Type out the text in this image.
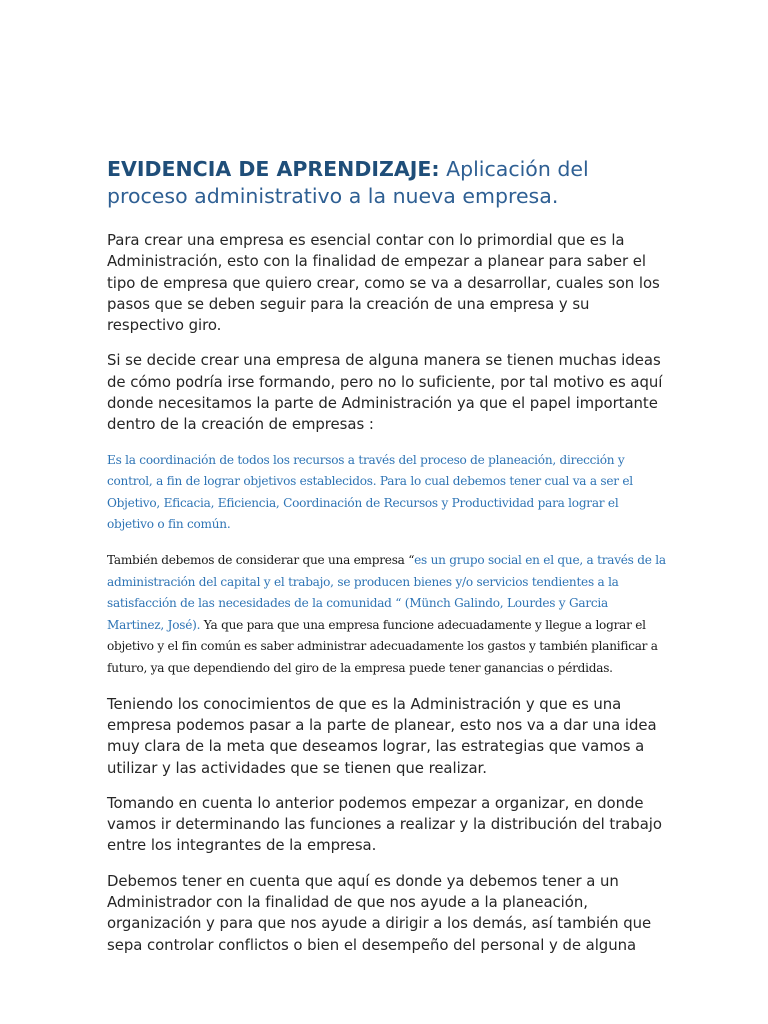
EVIDENCIA DE APRENDIZAJE: Aplicación del proceso administrativo a la nueva empresa.

Para crear una empresa es esencial contar con lo primordial que es la Administración, esto con la finalidad de empezar a planear para saber el tipo de empresa que quiero crear, como se va a desarrollar, cuales son los pasos que se deben seguir para la creación de una empresa y su respectivo giro.

Si se decide crear una empresa de alguna manera se tienen muchas ideas de cómo podría irse formando, pero no lo suficiente, por tal motivo es aquí donde necesitamos la parte de Administración ya que el papel importante dentro de la creación de empresas :

Es la coordinación de todos los recursos a través del proceso de planeación, dirección y control, a fin de lograr objetivos establecidos. Para lo cual debemos tener cual va a ser el Objetivo, Eficacia, Eficiencia, Coordinación de Recursos y Productividad para lograr el objetivo o fin común.

También debemos de considerar que una empresa “es un grupo social en el que, a través de la administración del capital y el trabajo, se producen bienes y/o servicios tendientes a la satisfacción de las necesidades de la comunidad “ (Münch Galindo, Lourdes y Garcia Martinez, José). Ya que para que una empresa funcione adecuadamente y llegue a lograr el objetivo y el fin común es saber administrar adecuadamente los gastos y también planificar a futuro, ya que dependiendo del giro de la empresa puede tener ganancias o pérdidas.

Teniendo los conocimientos de que es la Administración y que es una empresa podemos pasar a la parte de planear, esto nos va a dar una idea muy clara de la meta que deseamos lograr, las estrategias que vamos a utilizar y las actividades que se tienen que realizar.

Tomando en cuenta lo anterior podemos empezar a organizar, en donde vamos ir determinando las funciones a realizar y la distribución del trabajo entre los integrantes de la empresa.

Debemos tener en cuenta que aquí es donde ya debemos tener a un Administrador con la finalidad de que nos ayude a la planeación, organización y para que nos ayude a dirigir a los demás, así también que sepa controlar conflictos o bien el desempeño del personal y de alguna
